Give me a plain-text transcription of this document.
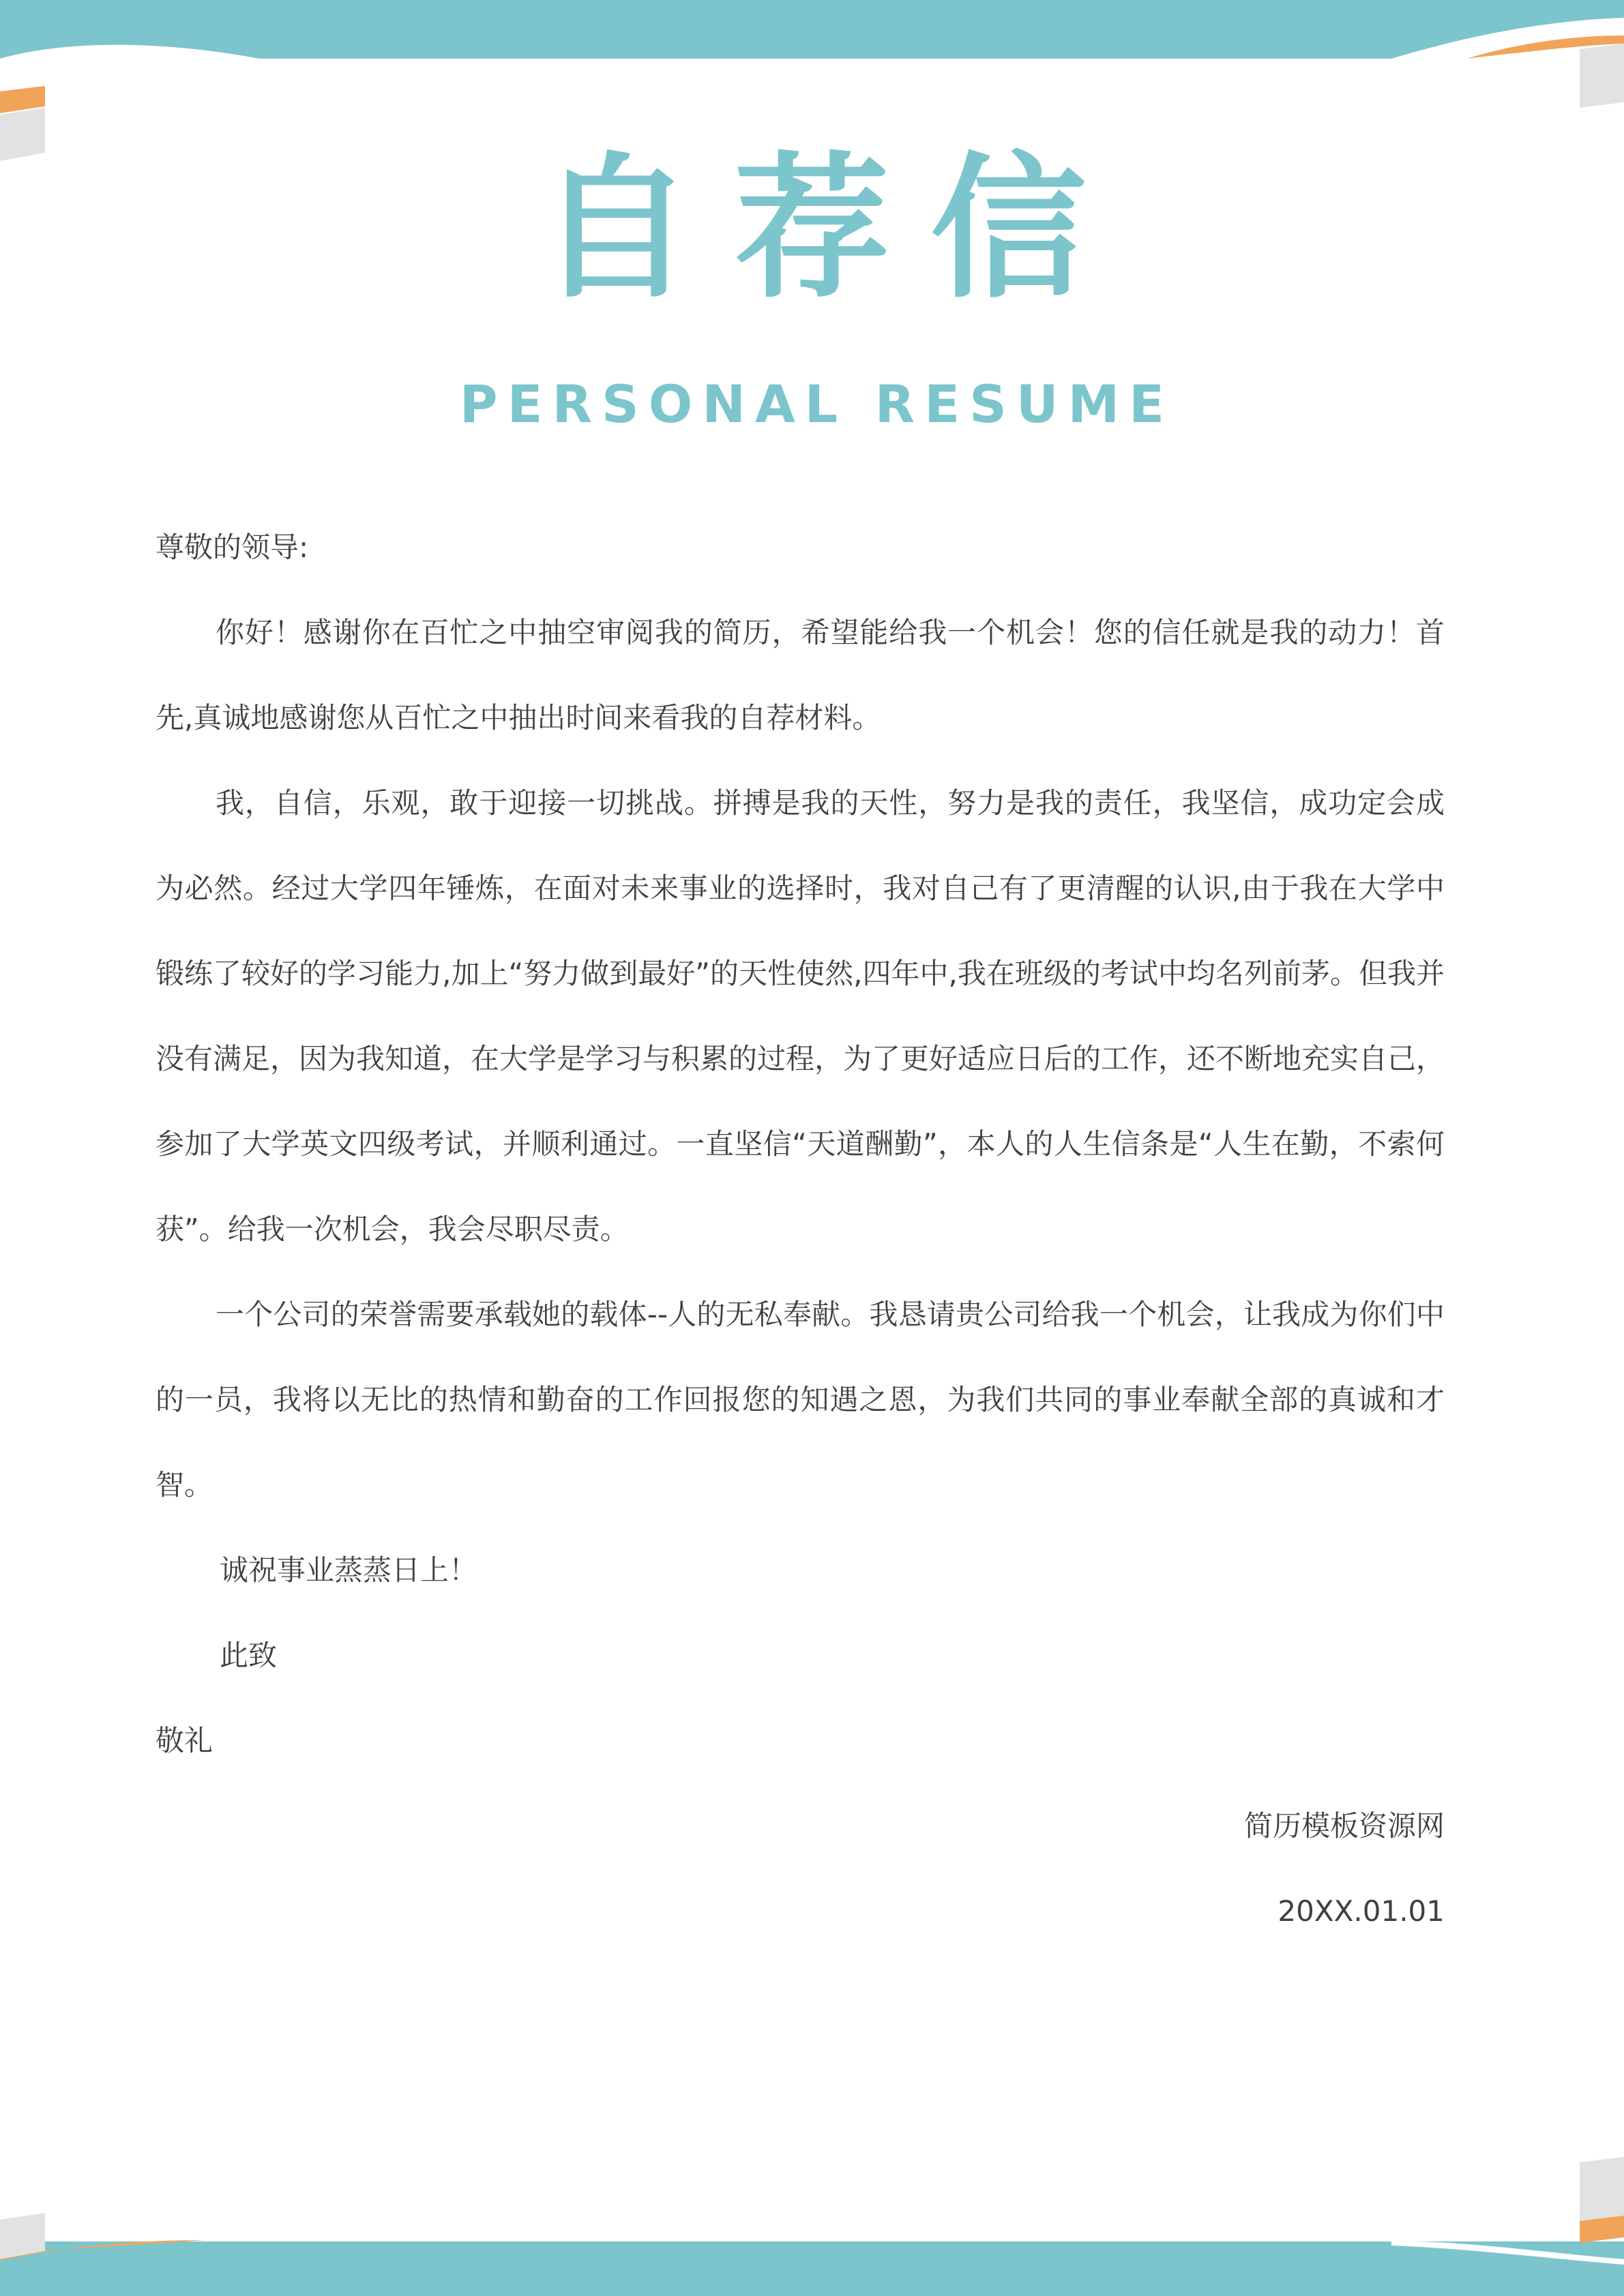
自荐信
PERSONAL RESUME

尊敬的领导:

你好！感谢你在百忙之中抽空审阅我的简历，希望能给我一个机会！您的信任就是我的动力！首先,真诚地感谢您从百忙之中抽出时间来看我的自荐材料。

我，自信，乐观，敢于迎接一切挑战。拼搏是我的天性，努力是我的责任，我坚信，成功定会成为必然。经过大学四年锤炼，在面对未来事业的选择时，我对自己有了更清醒的认识,由于我在大学中锻练了较好的学习能力,加上“努力做到最好”的天性使然,四年中,我在班级的考试中均名列前茅。但我并没有满足，因为我知道，在大学是学习与积累的过程，为了更好适应日后的工作，还不断地充实自己，参加了大学英文四级考试，并顺利通过。一直坚信“天道酬勤”，本人的人生信条是“人生在勤，不索何获”。给我一次机会，我会尽职尽责。

一个公司的荣誉需要承载她的载体--人的无私奉献。我恳请贵公司给我一个机会，让我成为你们中的一员，我将以无比的热情和勤奋的工作回报您的知遇之恩，为我们共同的事业奉献全部的真诚和才智。

诚祝事业蒸蒸日上！

此致

敬礼

简历模板资源网

20XX.01.01
